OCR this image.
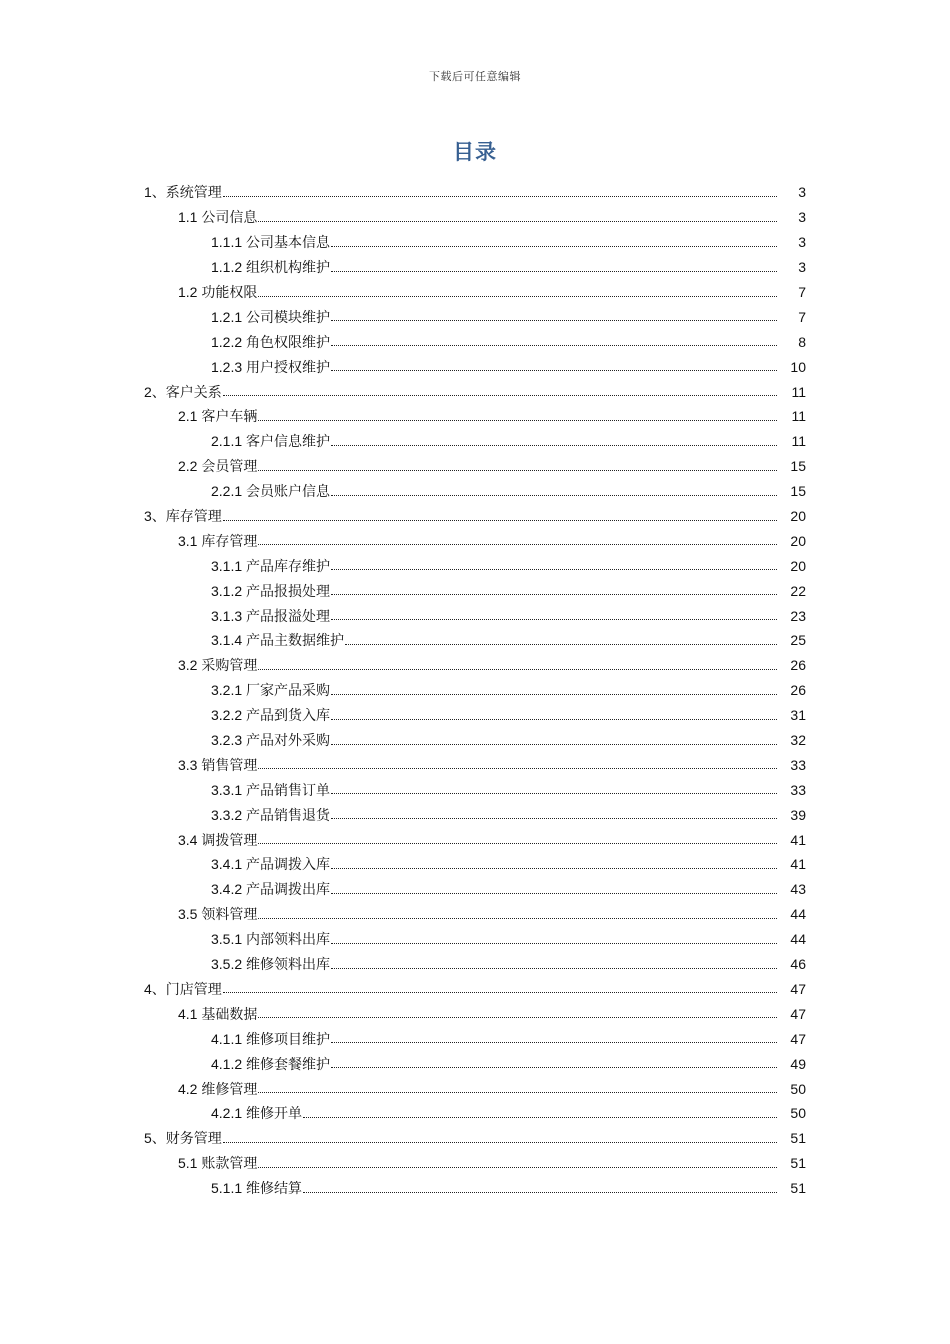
下载后可任意编辑
目录
1、系统管理	3
1.1 公司信息	3
1.1.1 公司基本信息	3
1.1.2 组织机构维护	3
1.2 功能权限	7
1.2.1 公司模块维护	7
1.2.2 角色权限维护	8
1.2.3 用户授权维护	10
2、客户关系	11
2.1 客户车辆	11
2.1.1 客户信息维护	11
2.2 会员管理	15
2.2.1 会员账户信息	15
3、库存管理	20
3.1 库存管理	20
3.1.1 产品库存维护	20
3.1.2 产品报损处理	22
3.1.3 产品报溢处理	23
3.1.4 产品主数据维护	25
3.2 采购管理	26
3.2.1 厂家产品采购	26
3.2.2 产品到货入库	31
3.2.3 产品对外采购	32
3.3 销售管理	33
3.3.1 产品销售订单	33
3.3.2 产品销售退货	39
3.4 调拨管理	41
3.4.1 产品调拨入库	41
3.4.2 产品调拨出库	43
3.5 领料管理	44
3.5.1 内部领料出库	44
3.5.2 维修领料出库	46
4、门店管理	47
4.1 基础数据	47
4.1.1 维修项目维护	47
4.1.2 维修套餐维护	49
4.2 维修管理	50
4.2.1 维修开单	50
5、财务管理	51
5.1 账款管理	51
5.1.1 维修结算	51
